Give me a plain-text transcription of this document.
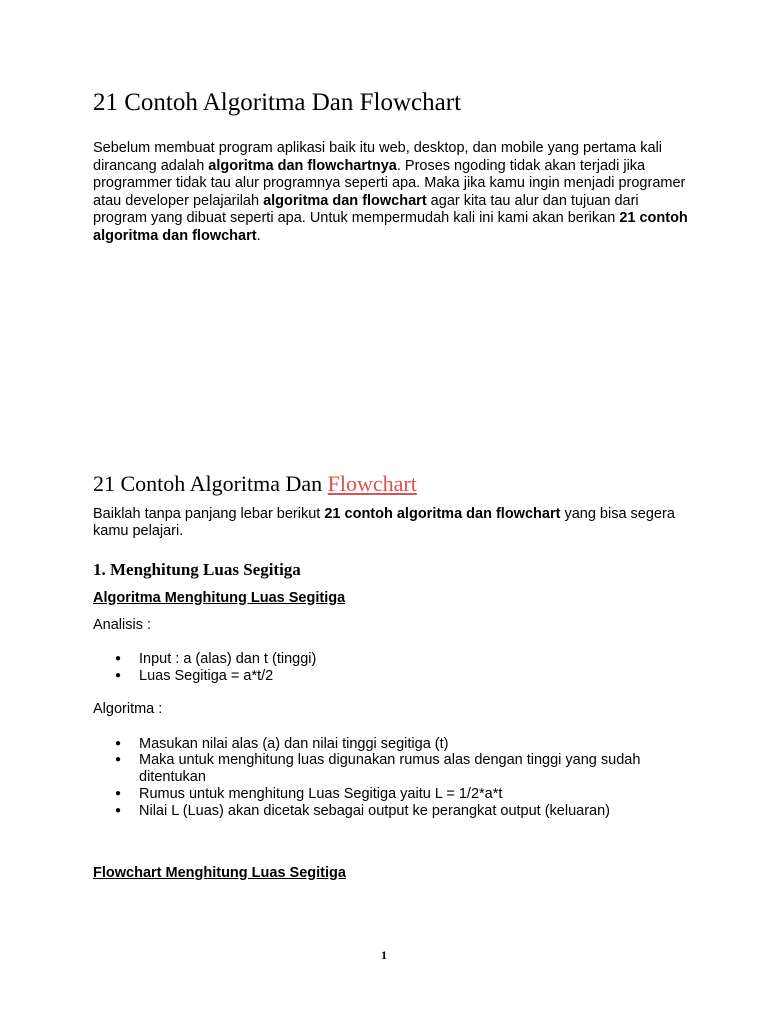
21 Contoh Algoritma Dan Flowchart

Sebelum membuat program aplikasi baik itu web, desktop, dan mobile yang pertama kali dirancang adalah algoritma dan flowchartnya. Proses ngoding tidak akan terjadi jika programmer tidak tau alur programnya seperti apa. Maka jika kamu ingin menjadi programer atau developer pelajarilah algoritma dan flowchart agar kita tau alur dan tujuan dari program yang dibuat seperti apa. Untuk mempermudah kali ini kami akan berikan 21 contoh algoritma dan flowchart.

21 Contoh Algoritma Dan Flowchart

Baiklah tanpa panjang lebar berikut 21 contoh algoritma dan flowchart yang bisa segera kamu pelajari.

1. Menghitung Luas Segitiga
Algoritma Menghitung Luas Segitiga

Analisis :

● Input : a (alas) dan t (tinggi)
● Luas Segitiga = a*t/2

Algoritma :

● Masukan nilai alas (a) dan nilai tinggi segitiga (t)
● Maka untuk menghitung luas digunakan rumus alas dengan tinggi yang sudah ditentukan
● Rumus untuk menghitung Luas Segitiga yaitu L = 1/2*a*t
● Nilai L (Luas) akan dicetak sebagai output ke perangkat output (keluaran)
Flowchart Menghitung Luas Segitiga
1
